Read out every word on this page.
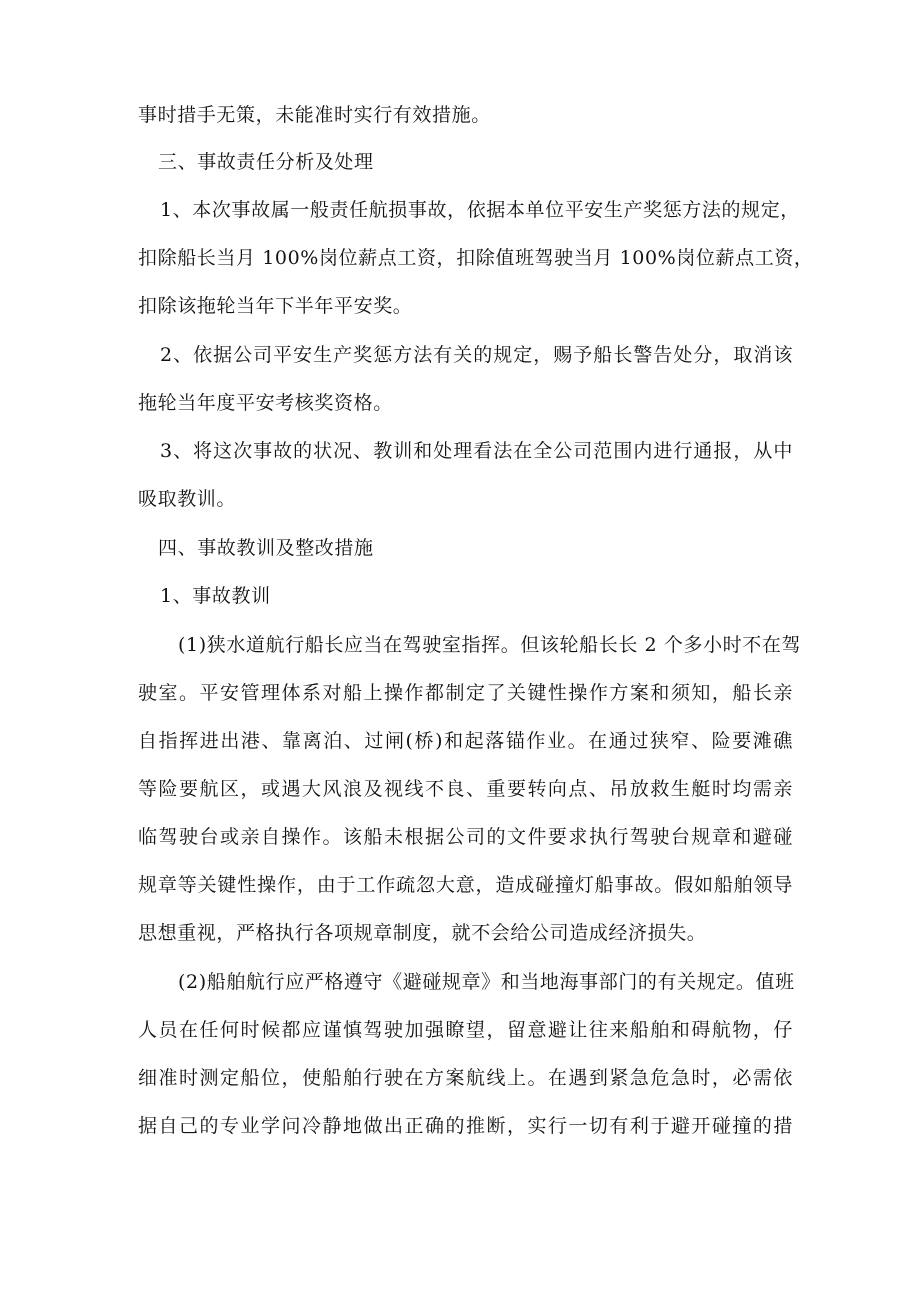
事时措手无策，未能准时实行有效措施。
三、事故责任分析及处理
1、本次事故属一般责任航损事故，依据本单位平安生产奖惩方法的规定，
扣除船长当月 100%岗位薪点工资，扣除值班驾驶当月 100%岗位薪点工资，
扣除该拖轮当年下半年平安奖。
2、依据公司平安生产奖惩方法有关的规定，赐予船长警告处分，取消该
拖轮当年度平安考核奖资格。
3、将这次事故的状况、教训和处理看法在全公司范围内进行通报，从中
吸取教训。
四、事故教训及整改措施
1、事故教训
(1)狭水道航行船长应当在驾驶室指挥。但该轮船长长 2 个多小时不在驾
驶室。平安管理体系对船上操作都制定了关键性操作方案和须知，船长亲
自指挥进出港、靠离泊、过闸(桥)和起落锚作业。在通过狭窄、险要滩礁
等险要航区，或遇大风浪及视线不良、重要转向点、吊放救生艇时均需亲
临驾驶台或亲自操作。该船未根据公司的文件要求执行驾驶台规章和避碰
规章等关键性操作，由于工作疏忽大意，造成碰撞灯船事故。假如船舶领导
思想重视，严格执行各项规章制度，就不会给公司造成经济损失。
(2)船舶航行应严格遵守《避碰规章》和当地海事部门的有关规定。值班
人员在任何时候都应谨慎驾驶加强瞭望，留意避让往来船舶和碍航物，仔
细准时测定船位，使船舶行驶在方案航线上。在遇到紧急危急时，必需依
据自己的专业学问冷静地做出正确的推断，实行一切有利于避开碰撞的措
